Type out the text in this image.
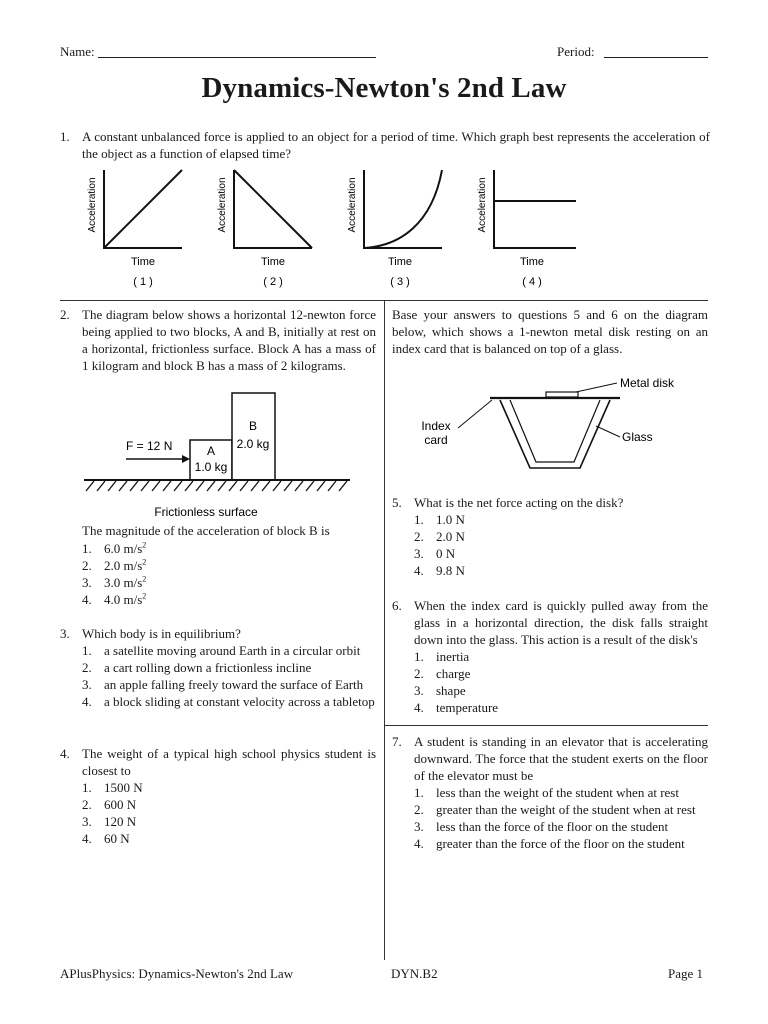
Name:	Period:
Dynamics-Newton's 2nd Law
1. A constant unbalanced force is applied to an object for a period of time. Which graph best represents the acceleration of the object as a function of elapsed time?
Acceleration
Time
( 1 )
Acceleration
Time
( 2 )
Acceleration
Time
( 3 )
Acceleration
Time
( 4 )
2. The diagram below shows a horizontal 12-newton force being applied to two blocks, A and B, initially at rest on a horizontal, frictionless surface. Block A has a mass of 1 kilogram and block B has a mass of 2 kilograms.
F = 12 N	A
1.0 kg
B
2.0 kg
Frictionless surface
The magnitude of the acceleration of block B is
1. 6.0 $m/s^2$
2. 2.0 $m/s^2$
3. 3.0 $m/s^2$
4. 4.0 $m/s^2$
3. Which body is in equilibrium?
1. a satellite moving around Earth in a circular orbit
2. a cart rolling down a frictionless incline
3. an apple falling freely toward the surface of Earth
4. a block sliding at constant velocity across a tabletop
4. The weight of a typical high school physics student is closest to
1. 1500 N
2. 600 N
3. 120 N
4. 60 N
Base your answers to questions 5 and 6 on the diagram below, which shows a 1-newton metal disk resting on an index card that is balanced on top of a glass.
Metal disk
Index
card	Glass
5. What is the net force acting on the disk?
1. 1.0 N
2. 2.0 N
3. 0 N
4. 9.8 N
6. When the index card is quickly pulled away from the glass in a horizontal direction, the disk falls straight down into the glass. This action is a result of the disk's
1. inertia
2. charge
3. shape
4. temperature
7. A student is standing in an elevator that is accelerating downward. The force that the student exerts on the floor of the elevator must be
1. less than the weight of the student when at rest
2. greater than the weight of the student when at rest
3. less than the force of the floor on the student
4. greater than the force of the floor on the student
APlusPhysics: Dynamics-Newton's 2nd Law	DYN.B2	Page 1
